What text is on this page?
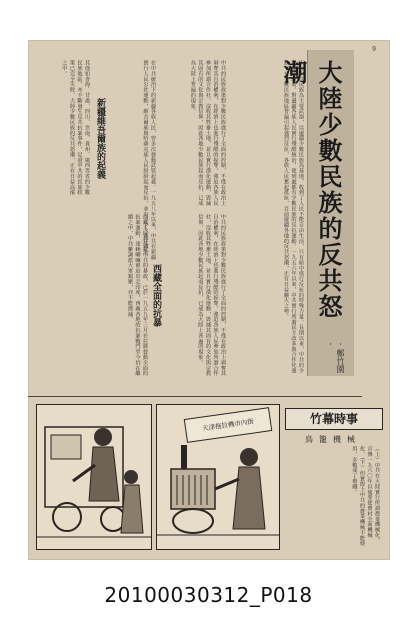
9
大陸少數民族的反共怒潮
·鄭竹園·
王存中以民族為主要武器，以邊疆少數民族為基地，收到了人民不能自由生活，只有暗中進行反抗的特殊力量。長期以來，中共的少數民族政策，對邊疆各族人民實行殘酷統治，使到處都有少數民族的反抗運動。一九五六年以來，中共實行所謂民主改革與合作化運動，在少數民族地區普遍引起強烈反抗，各族人民奮起抵抗，目前邊疆各地的反共怒潮，正有日益擴大之勢。
中共的民族政策對少數民族進行了全面的控制，不僅在政治上剝奪其自治權利，在經濟上也進行殘酷的掠奪，強迫各族人民參加所謂合作社，沒收其牲畜土地，並且實行漢化運動，毀滅其固有的文化與宗教信仰，因此各地少數民族起而反抗，已成為大陸上普遍的現象。
中共的民族政策對少數民族進行了全面的控制，不僅在政治上剝奪其自治權利，在經濟上也進行殘酷的掠奪，強迫各族人民參加所謂合作社，沒收其牲畜土地，並且實行漢化運動，毀滅其固有的文化與宗教信仰，因此各地少數民族起而反抗，已成為大陸上普遍的現象。
在中共統治下的新疆各族人民，曾多次發動武裝起義。一九五八年以來，中共在新疆實行人民公社運動，維吾爾族與哈薩克族人民紛紛起而反抗，並有不少人逃往國外。
新疆維吾爾族的起義
其他如青海、甘肅、四川、雲南、貴州、廣西等省的少數民族地區，亦不斷發生反共抗暴事件，足證中共的民族政策已完全失敗，大陸少數民族的反共怒潮，正在日益高漲之中。
西藏全面的抗暴
西藏人民為反抗中共的暴政，已於一九五九年三月在拉薩發動全面的抗暴運動，達賴喇嘛被迫出走印度，西藏各地的抗暴戰鬥至今仍在繼續之中，中共雖調派大軍鎮壓，亦不能撲滅。
天津拖拉機市內街	竹幕時事
鳥籠機械
（上）中共在大陸實行所謂農業機械化，宣傳一九六〇年以後要使農村全面機械化。（下）但實際上中共的農業機械不能使用，多數成了廢鐵。
20100030312_P018
